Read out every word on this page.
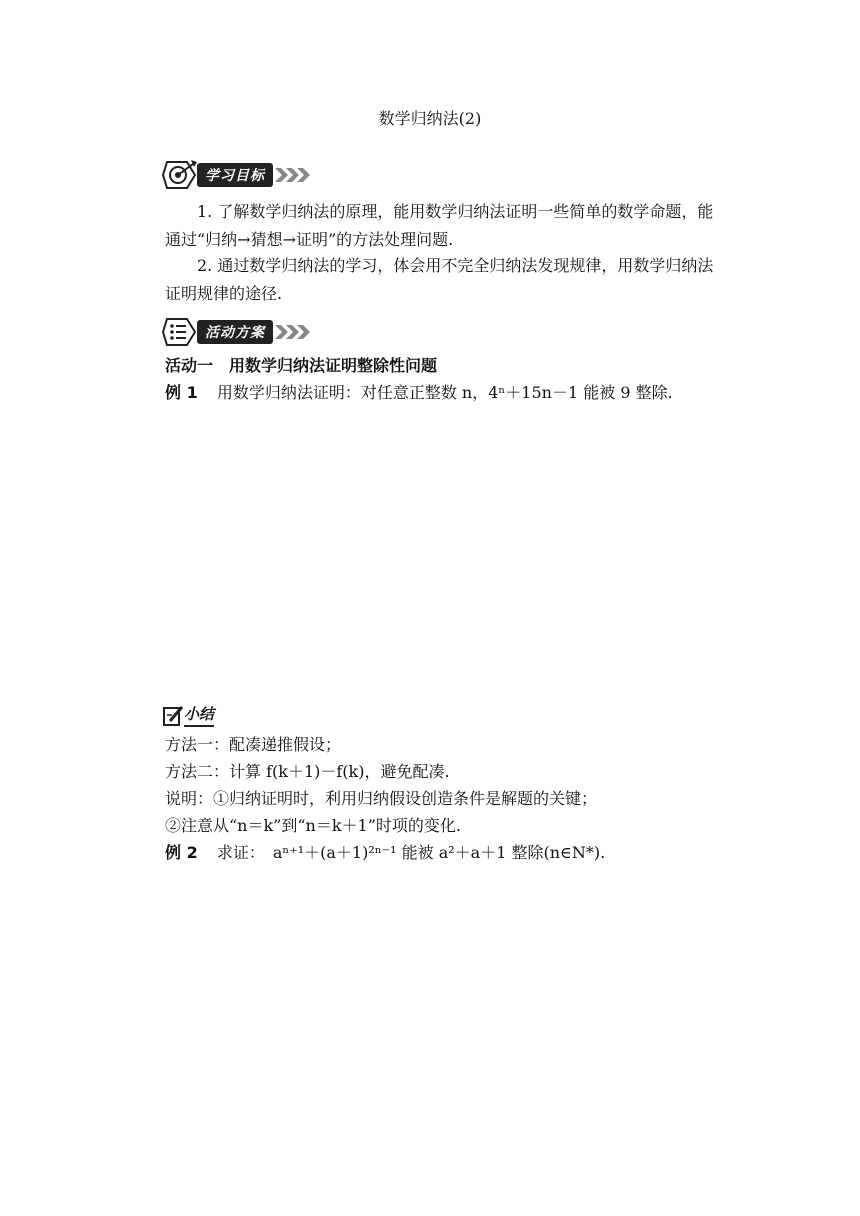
数学归纳法(2)
学习目标

1. 了解数学归纳法的原理，能用数学归纳法证明一些简单的数学命题，能

通过“归纳→猜想→证明”的方法处理问题.

2. 通过数学归纳法的学习，体会用不完全归纳法发现规律，用数学归纳法

证明规律的途径.

活动方案
活动一　用数学归纳法证明整除性问题
例 1 用数学归纳法证明：对任意正整数 n，4ⁿ＋15n－1 能被 9 整除.
小结
方法一：配凑递推假设；
方法二：计算 f(k＋1)－f(k)，避免配凑.
说明：①归纳证明时，利用归纳假设创造条件是解题的关键；
②注意从“n＝k”到“n＝k＋1”时项的变化.
例 2 求证：　aⁿ⁺¹＋(a＋1)²ⁿ⁻¹ 能被 a²＋a＋1 整除(n∈N*).
